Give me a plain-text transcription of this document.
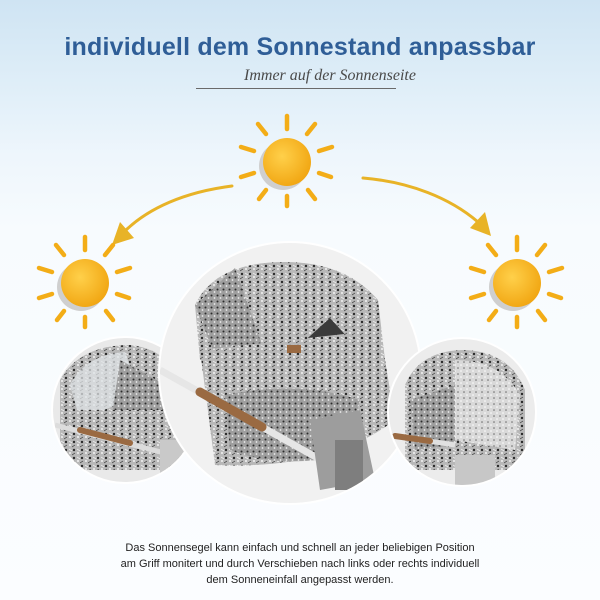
individuell dem Sonnestand anpassbar
Immer auf der Sonnenseite
Das Sonnensegel kann einfach und schnell an jeder beliebigen Position
am Griff monitert und durch Verschieben nach links oder rechts individuell
dem Sonneneinfall angepasst werden.
